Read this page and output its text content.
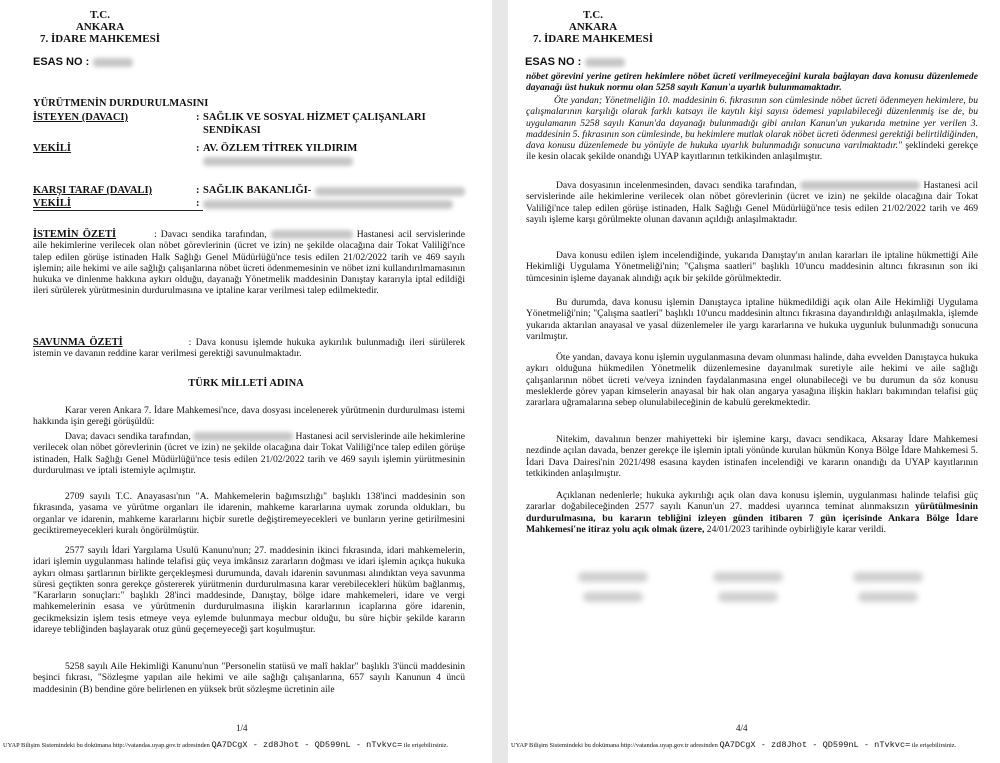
T.C.
ANKARA
7. İDARE MAHKEMESİ
ESAS NO :
YÜRÜTMENİN DURDURULMASINI
İSTEYEN (DAVACI)	: SAĞLIK VE SOSYAL HİZMET ÇALIŞANLARI
SENDİKASI
VEKİLİ	: AV. ÖZLEM TİTREK YILDIRIM
KARŞI TARAF (DAVALI)	: SAĞLIK BAKANLIĞI-
VEKİLİ	:
İSTEMİN ÖZETİ	: Davacı sendika tarafından,	Hastanesi acil servislerinde aile hekimlerine verilecek olan nöbet görevlerinin (ücret ve izin) ne şekilde olacağına dair Tokat Valiliği'nce talep edilen görüşe istinaden Halk Sağlığı Genel Müdürlüğü'nce tesis edilen 21/02/2022 tarih ve 469 sayılı işlemin; aile hekimi ve aile sağlığı çalışanlarına nöbet ücreti ödenmemesinin ve nöbet izni kullandırılmamasının hukuka ve dinlenme hakkına aykırı olduğu, dayanağı Yönetmelik maddesinin Danıştay kararıyla iptal edildiği ileri sürülerek yürütmesinin durdurulmasına ve iptaline karar verilmesi talep edilmektedir.
SAVUNMA ÖZETİ	: Dava konusu işlemde hukuka aykırılık bulunmadığı ileri sürülerek istemin ve davanın reddine karar verilmesi gerektiği savunulmaktadır.
TÜRK MİLLETİ ADINA
Karar veren Ankara 7. İdare Mahkemesi'nce, dava dosyası incelenerek yürütmenin durdurulması istemi hakkında işin gereği görüşüldü:
Dava; davacı sendika tarafından,	Hastanesi acil servislerinde aile hekimlerine verilecek olan nöbet görevlerinin (ücret ve izin) ne şekilde olacağına dair Tokat Valiliği'nce talep edilen görüşe istinaden, Halk Sağlığı Genel Müdürlüğü'nce tesis edilen 21/02/2022 tarih ve 469 sayılı işlemin yürütmesinin durdurulması ve iptali istemiyle açılmıştır.
2709 sayılı T.C. Anayasası'nın "A. Mahkemelerin bağımsızlığı" başlıklı 138'inci maddesinin son fıkrasında, yasama ve yürütme organları ile idarenin, mahkeme kararlarına uymak zorunda oldukları, bu organlar ve idarenin, mahkeme kararlarını hiçbir suretle değiştiremeyecekleri ve bunların yerine getirilmesini geciktiremeyecekleri kuralı öngörülmüştür.
2577 sayılı İdari Yargılama Usulü Kanunu'nun; 27. maddesinin ikinci fıkrasında, idari mahkemelerin, idari işlemin uygulanması halinde telafisi güç veya imkânsız zararların doğması ve idari işlemin açıkça hukuka aykırı olması şartlarının birlikte gerçekleşmesi durumunda, davalı idarenin savunması alındıktan veya savunma süresi geçtikten sonra gerekçe göstererek yürütmenin durdurulmasına karar verebilecekleri hüküm bağlanmış, "Kararların sonuçları:" başlıklı 28'inci maddesinde, Danıştay, bölge idare mahkemeleri, idare ve vergi mahkemelerinin esasa ve yürütmenin durdurulmasına ilişkin kararlarının icaplarına göre idarenin, gecikmeksizin işlem tesis etmeye veya eylemde bulunmaya mecbur olduğu, bu süre hiçbir şekilde kararın idareye tebliğinden başlayarak otuz günü geçemeyeceği şart koşulmuştur.
5258 sayılı Aile Hekimliği Kanunu'nun "Personelin statüsü ve malî haklar" başlıklı 3'üncü maddesinin beşinci fıkrası, "Sözleşme yapılan aile hekimi ve aile sağlığı çalışanlarına, 657 sayılı Kanunun 4 üncü maddesinin (B) bendine göre belirlenen en yüksek brüt sözleşme ücretinin aile
1/4
UYAP Bilişim Sistemindeki bu dokümana http://vatandas.uyap.gov.tr adresinden QA7DCgX - zd8Jhot - QD599nL - nTvkvc= ile erişebilirsiniz.
T.C.
ANKARA
7. İDARE MAHKEMESİ
ESAS NO :
nöbet görevini yerine getiren hekimlere nöbet ücreti verilmeyeceğini kurala bağlayan dava konusu düzenlemede dayanağı üst hukuk normu olan 5258 sayılı Kanun'a uyarlık bulunmamaktadır.
Öte yandan; Yönetmeliğin 10. maddesinin 6. fıkrasının son cümlesinde nöbet ücreti ödenmeyen hekimlere, bu çalışmalarının karşılığı olarak farklı katsayı ile kaytılı kişi sayısı ödemesi yapılabileceği düzenlenmiş ise de, bu uygulamanın 5258 sayılı Kanun'da dayanağı bulunmadığı gibi anılan Kanun'un yukarıda metnine yer verilen 3. maddesinin 5. fıkrasının son cümlesinde, bu hekimlere mutlak olarak nöbet ücreti ödenmesi gerektiği belirtildiğinden, dava konusu düzenlemede bu yönüyle de hukuka uyarlık bulunmadığı sonucuna varılmaktadır." şeklindeki gerekçe ile kesin olacak şekilde onandığı UYAP kayıtlarının tetkikinden anlaşılmıştır.
Dava dosyasının incelenmesinden, davacı sendika tarafından,	Hastanesi acil servislerinde aile hekimlerine verilecek olan nöbet görevlerinin (ücret ve izin) ne şekilde olacağına dair Tokat Valiliği'nce talep edilen görüşe istinaden, Halk Sağlığı Genel Müdürlüğü'nce tesis edilen 21/02/2022 tarih ve 469 sayılı işleme karşı görülmekte olunan davanın açıldığı anlaşılmaktadır.
Dava konusu edilen işlem incelendiğinde, yukarıda Danıştay'ın anılan kararları ile iptaline hükmettiği Aile Hekimliği Uygulama Yönetmeliği'nin; "Çalışma saatleri" başlıklı 10'uncu maddesinin altıncı fıkrasının son iki tümcesinin işleme dayanak alındığı açık bir şekilde görülmektedir.
Bu durumda, dava konusu işlemin Danıştayca iptaline hükmedildiği açık olan Aile Hekimliği Uygulama Yönetmeliği'nin; "Çalışma saatleri" başlıklı 10'uncu maddesinin altıncı fıkrasına dayandırıldığı anlaşılmakla, işlemde yukarıda aktarılan anayasal ve yasal düzenlemeler ile yargı kararlarına ve hukuka uygunluk bulunmadığı sonucuna varılmıştır.
Öte yandan, davaya konu işlemin uygulanmasına devam olunması halinde, daha evvelden Danıştayca hukuka aykırı olduğuna hükmedilen Yönetmelik düzenlemesine dayanılmak suretiyle aile hekimi ve aile sağlığı çalışanlarının nöbet ücreti ve/veya izninden faydalanmasına engel olunabileceği ve bu durumun da söz konusu mesleklerde görev yapan kimselerin anayasal bir hak olan angarya yasağına ilişkin hakları bakımından telafisi güç zararlara uğramalarına sebep olunulabileceğinin de kabulü gerekmektedir.
Nitekim, davalının benzer mahiyetteki bir işlemine karşı, davacı sendikaca, Aksaray İdare Mahkemesi nezdinde açılan davada, benzer gerekçe ile işlemin iptali yönünde kurulan hükmün Konya Bölge İdare Mahkemesi 5. İdari Dava Dairesi'nin 2021/498 esasına kayden istinafen incelendiği ve kararın onandığı da UYAP kayıtlarının tetkikinden anlaşılmıştır.
Açıklanan nedenlerle; hukuka aykırılığı açık olan dava konusu işlemin, uygulanması halinde telafisi güç zararlar doğabileceğinden 2577 sayılı Kanun'un 27. maddesi uyarınca teminat alınmaksızın yürütülmesinin durdurulmasına, bu kararın tebliğini izleyen günden itibaren 7 gün içerisinde Ankara Bölge İdare Mahkemesi'ne itiraz yolu açık olmak üzere, 24/01/2023 tarihinde oybirliğiyle karar verildi.
4/4
UYAP Bilişim Sistemindeki bu dokümana http://vatandas.uyap.gov.tr adresinden QA7DCgX - zd8Jhot - QD599nL - nTvkvc= ile erişebilirsiniz.
